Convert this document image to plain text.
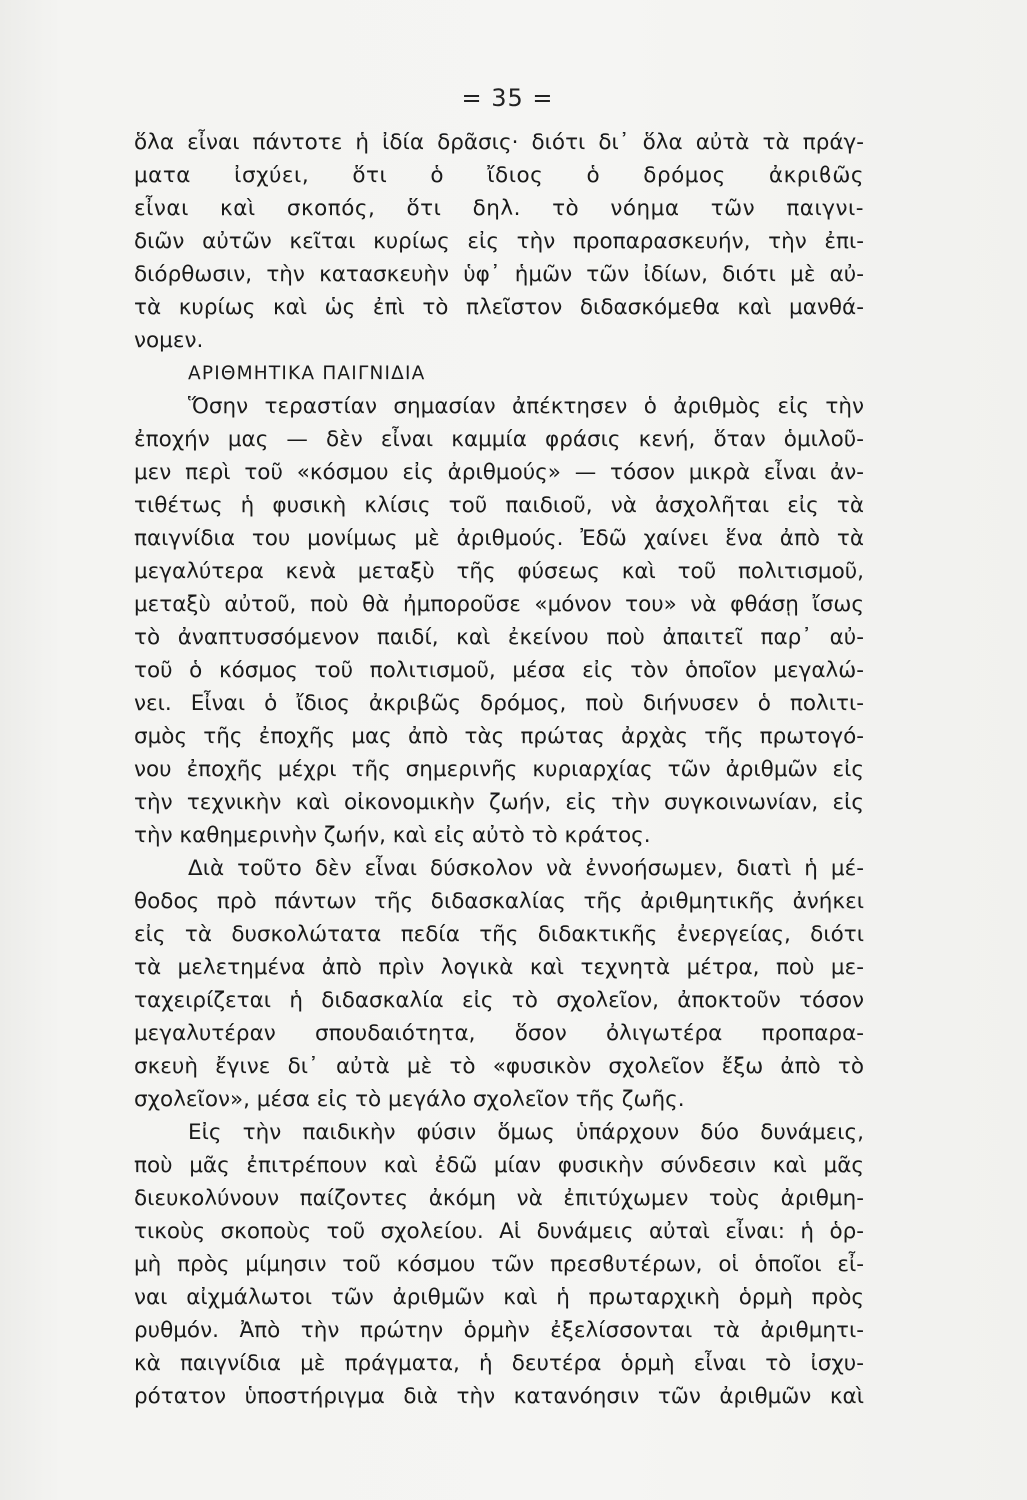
= 35 =
ὅλα εἶναι πάντοτε ἡ ἰδία δρᾶσις· διότι δι᾽ ὅλα αὐτὰ τὰ πράγ-
ματα ἰσχύει, ὅτι ὁ ἴδιος ὁ δρόμος ἀκριϐῶς
εἶναι καὶ σκοπός, ὅτι δηλ. τὸ νόημα τῶν παιγνι-
διῶν αὐτῶν κεῖται κυρίως εἰς τὴν προπαρασκευήν, τὴν ἐπι-
διόρθωσιν, τὴν κατασκευὴν ὑφ᾽ ἡμῶν τῶν ἰδίων, διότι μὲ αὐ-
τὰ κυρίως καὶ ὡς ἐπὶ τὸ πλεῖστον διδασκόμεθα καὶ μανθά-
νομεν.
ΑΡΙΘΜΗΤΙΚΑ ΠΑΙΓΝΙΔΙΑ
Ὅσην τεραστίαν σημασίαν ἀπέκτησεν ὁ ἀριθμὸς εἰς τὴν
ἐποχήν μας — δὲν εἶναι καμμία φράσις κενή, ὅταν ὁμιλοῦ-
μεν περὶ τοῦ «κόσμου εἰς ἀριθμούς» — τόσον μικρὰ εἶναι ἀν-
τιθέτως ἡ φυσικὴ κλίσις τοῦ παιδιοῦ, νὰ ἀσχολῆται εἰς τὰ
παιγνίδια του μονίμως μὲ ἀριθμούς. Ἐδῶ χαίνει ἕνα ἀπὸ τὰ
μεγαλύτερα κενὰ μεταξὺ τῆς φύσεως καὶ τοῦ πολιτισμοῦ,
μεταξὺ αὐτοῦ, ποὺ θὰ ἠμποροῦσε «μόνον του» νὰ φθάσῃ ἴσως
τὸ ἀναπτυσσόμενον παιδί, καὶ ἐκείνου ποὺ ἀπαιτεῖ παρ᾽ αὐ-
τοῦ ὁ κόσμος τοῦ πολιτισμοῦ, μέσα εἰς τὸν ὁποῖον μεγαλώ-
νει. Εἶναι ὁ ἴδιος ἀκριβῶς δρόμος, ποὺ διήνυσεν ὁ πολιτι-
σμὸς τῆς ἐποχῆς μας ἀπὸ τὰς πρώτας ἀρχὰς τῆς πρωτογό-
νου ἐποχῆς μέχρι τῆς σημερινῆς κυριαρχίας τῶν ἀριθμῶν εἰς
τὴν τεχνικὴν καὶ οἰκονομικὴν ζωήν, εἰς τὴν συγκοινωνίαν, εἰς
τὴν καθημερινὴν ζωήν, καὶ εἰς αὐτὸ τὸ κράτος.
Διὰ τοῦτο δὲν εἶναι δύσκολον νὰ ἐννοήσωμεν, διατὶ ἡ μέ-
θοδος πρὸ πάντων τῆς διδασκαλίας τῆς ἀριθμητικῆς ἀνήκει
εἰς τὰ δυσκολώτατα πεδία τῆς διδακτικῆς ἐνεργείας, διότι
τὰ μελετημένα ἀπὸ πρὶν λογικὰ καὶ τεχνητὰ μέτρα, ποὺ με-
ταχειρίζεται ἡ διδασκαλία εἰς τὸ σχολεῖον, ἀποκτοῦν τόσον
μεγαλυτέραν σπουδαιότητα, ὅσον ὀλιγωτέρα προπαρα-
σκευὴ ἔγινε δι᾽ αὐτὰ μὲ τὸ «φυσικὸν σχολεῖον ἔξω ἀπὸ τὸ
σχολεῖον», μέσα εἰς τὸ μεγάλο σχολεῖον τῆς ζωῆς.
Εἰς τὴν παιδικὴν φύσιν ὅμως ὑπάρχουν δύο δυνάμεις,
ποὺ μᾶς ἐπιτρέπουν καὶ ἐδῶ μίαν φυσικὴν σύνδεσιν καὶ μᾶς
διευκολύνουν παίζοντες ἀκόμη νὰ ἐπιτύχωμεν τοὺς ἀριθμη-
τικοὺς σκοποὺς τοῦ σχολείου. Αἱ δυνάμεις αὐταὶ εἶναι: ἡ ὁρ-
μὴ πρὸς μίμησιν τοῦ κόσμου τῶν πρεσϐυτέρων, οἱ ὁποῖοι εἶ-
ναι αἰχμάλωτοι τῶν ἀριθμῶν καὶ ἡ πρωταρχικὴ ὁρμὴ πρὸς
ρυθμόν. Ἀπὸ τὴν πρώτην ὁρμὴν ἐξελίσσονται τὰ ἀριθμητι-
κὰ παιγνίδια μὲ πράγματα, ἡ δευτέρα ὁρμὴ εἶναι τὸ ἰσχυ-
ρότατον ὑποστήριγμα διὰ τὴν κατανόησιν τῶν ἀριθμῶν καὶ
